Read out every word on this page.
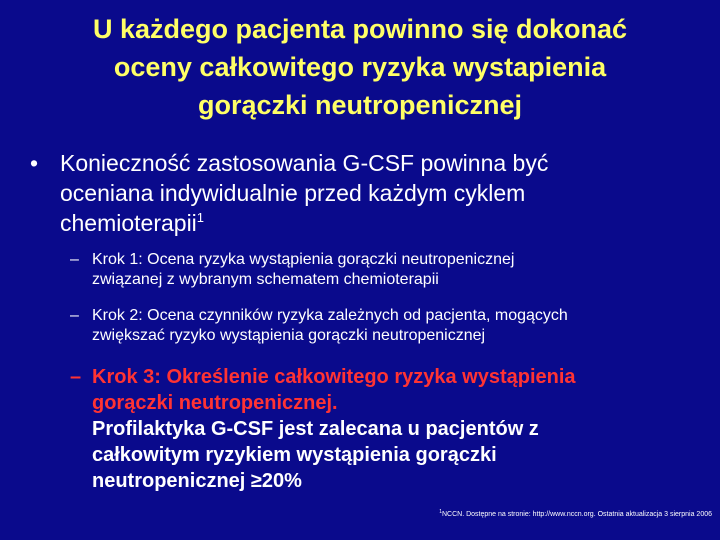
U każdego pacjenta powinno się dokonać
oceny całkowitego ryzyka wystapienia
gorączki neutropenicznej
• Konieczność zastosowania G-CSF powinna być
oceniana indywidualnie przed każdym cyklem
chemioterapii$^1$
– Krok 1: Ocena ryzyka wystąpienia gorączki neutropenicznej
związanej z wybranym schematem chemioterapii
– Krok 2: Ocena czynników ryzyka zależnych od pacjenta, mogących
zwiększać ryzyko wystąpienia gorączki neutropenicznej
– Krok 3: Określenie całkowitego ryzyka wystąpienia
gorączki neutropenicznej.
Profilaktyka G-CSF jest zalecana u pacjentów z
całkowitym ryzykiem wystąpienia gorączki
neutropenicznej ≥20%
$^1$NCCN. Dostępne na stronie: http://www.nccn.org. Ostatnia aktualizacja 3 sierpnia 2006
